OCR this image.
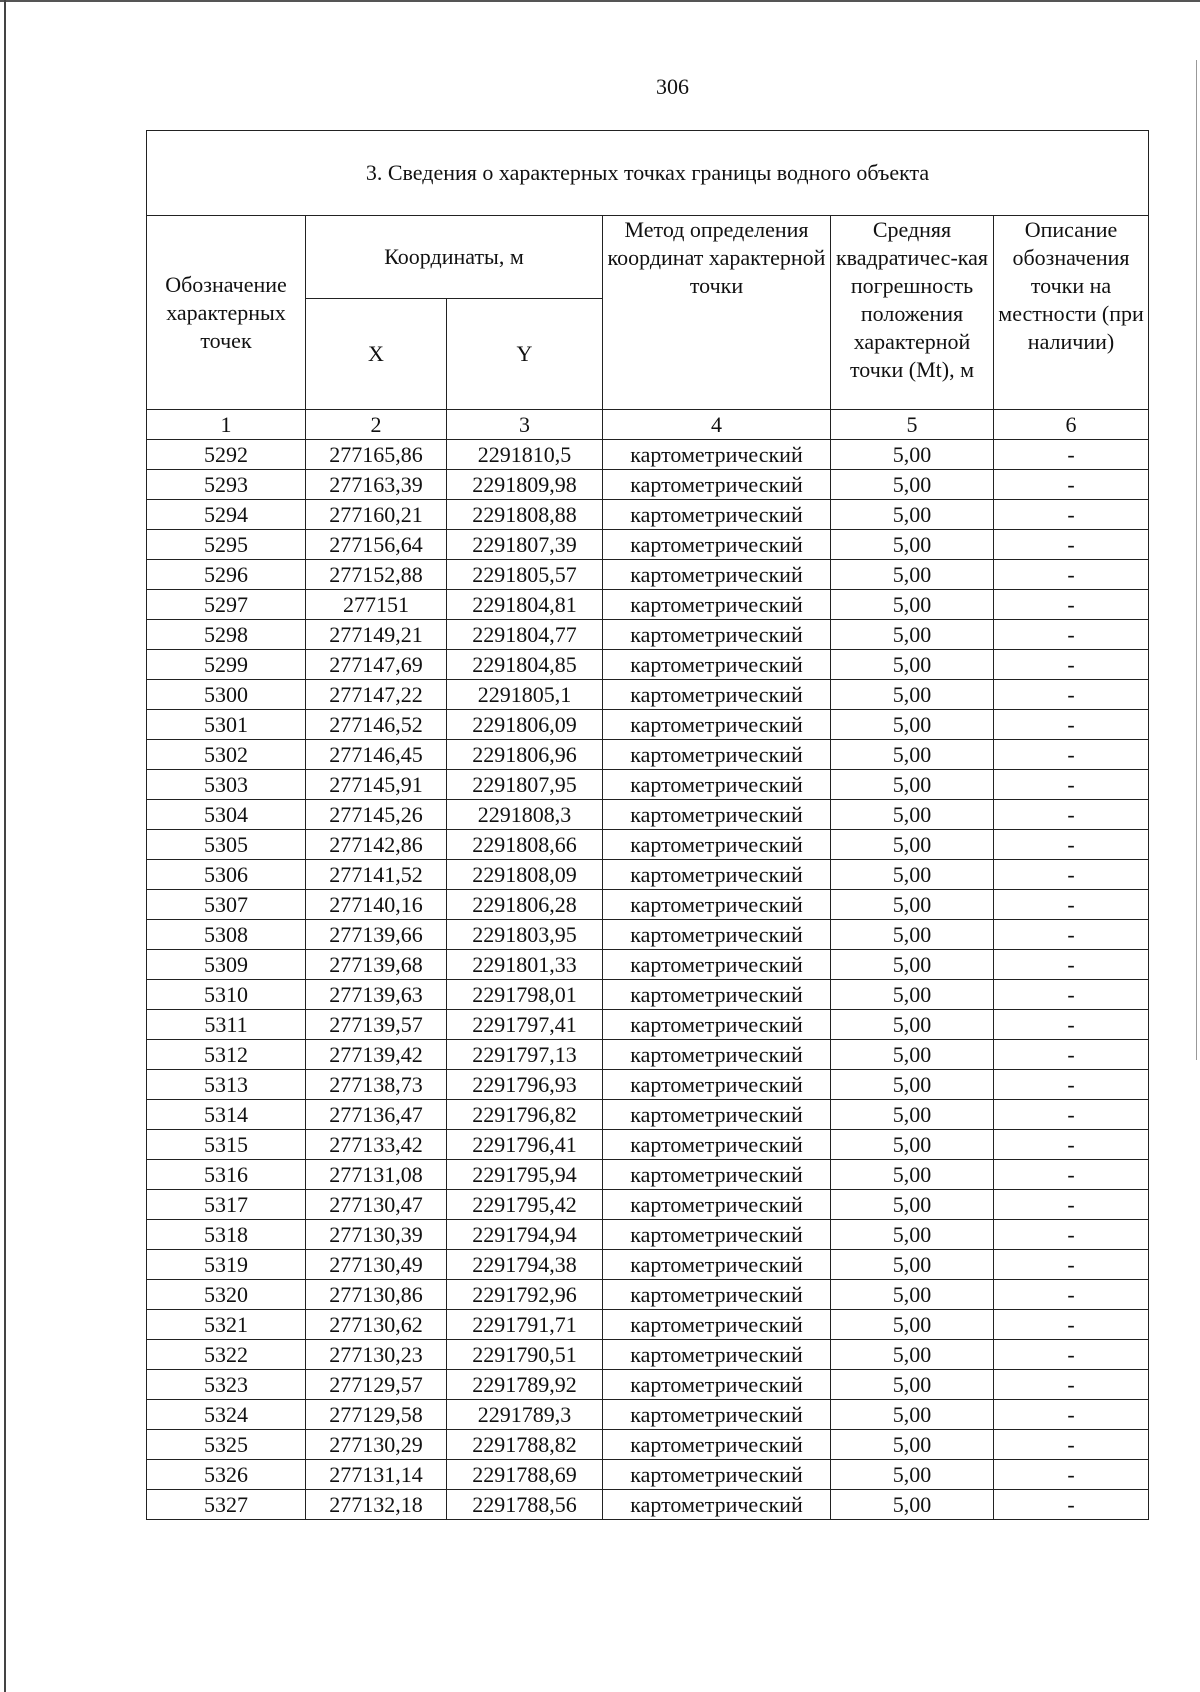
306
3. Сведения о характерных точках границы водного объекта					
Обозначение характерных точек	Координаты, м		Метод определения координат характерной точки	Средняя квадратичес-кая погрешность положения характерной точки (Mt), м	Описание обозначения точки на местности (при наличии)
	X	Y			
1	2	3	4	5	6
5292	277165,86	2291810,5	картометрический	5,00	-
5293	277163,39	2291809,98	картометрический	5,00	-
5294	277160,21	2291808,88	картометрический	5,00	-
5295	277156,64	2291807,39	картометрический	5,00	-
5296	277152,88	2291805,57	картометрический	5,00	-
5297	277151	2291804,81	картометрический	5,00	-
5298	277149,21	2291804,77	картометрический	5,00	-
5299	277147,69	2291804,85	картометрический	5,00	-
5300	277147,22	2291805,1	картометрический	5,00	-
5301	277146,52	2291806,09	картометрический	5,00	-
5302	277146,45	2291806,96	картометрический	5,00	-
5303	277145,91	2291807,95	картометрический	5,00	-
5304	277145,26	2291808,3	картометрический	5,00	-
5305	277142,86	2291808,66	картометрический	5,00	-
5306	277141,52	2291808,09	картометрический	5,00	-
5307	277140,16	2291806,28	картометрический	5,00	-
5308	277139,66	2291803,95	картометрический	5,00	-
5309	277139,68	2291801,33	картометрический	5,00	-
5310	277139,63	2291798,01	картометрический	5,00	-
5311	277139,57	2291797,41	картометрический	5,00	-
5312	277139,42	2291797,13	картометрический	5,00	-
5313	277138,73	2291796,93	картометрический	5,00	-
5314	277136,47	2291796,82	картометрический	5,00	-
5315	277133,42	2291796,41	картометрический	5,00	-
5316	277131,08	2291795,94	картометрический	5,00	-
5317	277130,47	2291795,42	картометрический	5,00	-
5318	277130,39	2291794,94	картометрический	5,00	-
5319	277130,49	2291794,38	картометрический	5,00	-
5320	277130,86	2291792,96	картометрический	5,00	-
5321	277130,62	2291791,71	картометрический	5,00	-
5322	277130,23	2291790,51	картометрический	5,00	-
5323	277129,57	2291789,92	картометрический	5,00	-
5324	277129,58	2291789,3	картометрический	5,00	-
5325	277130,29	2291788,82	картометрический	5,00	-
5326	277131,14	2291788,69	картометрический	5,00	-
5327	277132,18	2291788,56	картометрический	5,00	-
